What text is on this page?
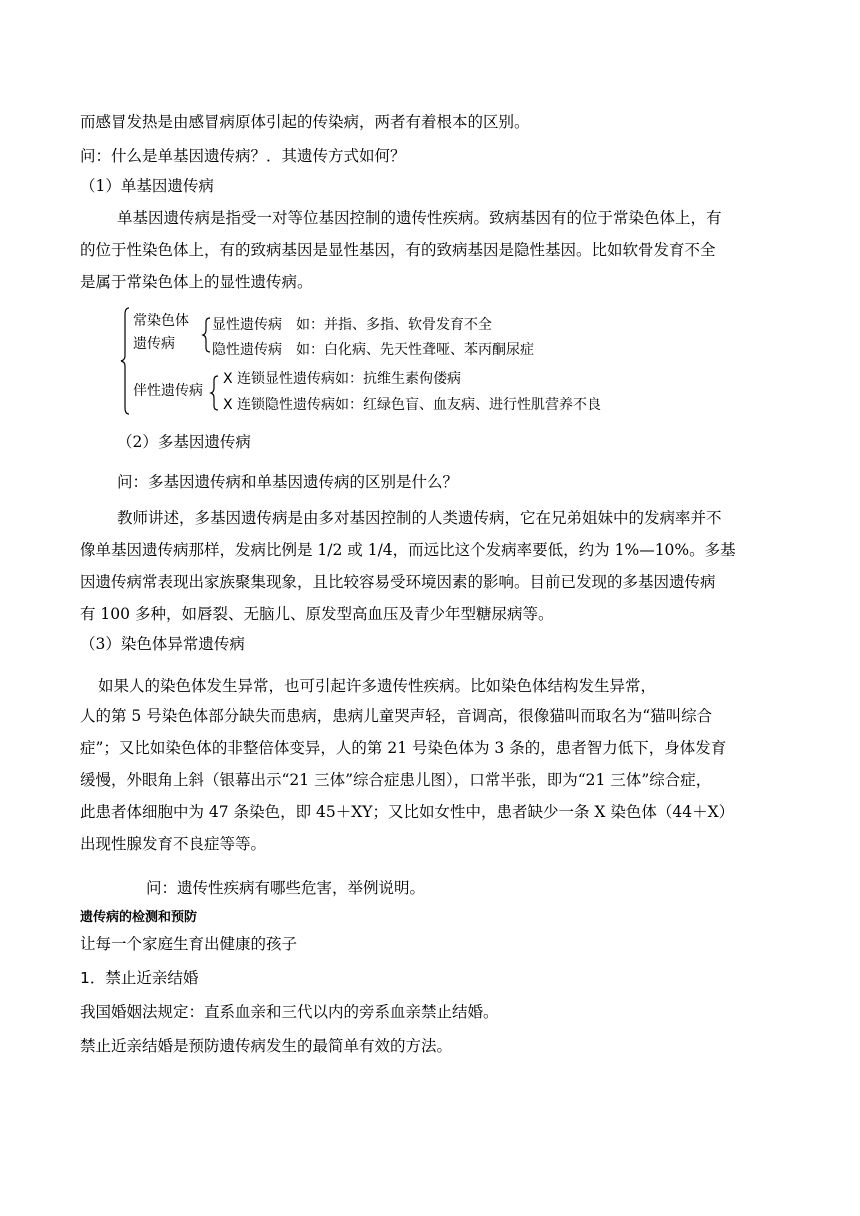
而感冒发热是由感冒病原体引起的传染病，两者有着根本的区别。
问：什么是单基因遗传病？．其遗传方式如何？
（1）单基因遗传病
单基因遗传病是指受一对等位基因控制的遗传性疾病。致病基因有的位于常染色体上，有
的位于性染色体上，有的致病基因是显性基因，有的致病基因是隐性基因。比如软骨发育不全
是属于常染色体上的显性遗传病。
常染色体
遗传病
显性遗传病　如：并指、多指、软骨发育不全
隐性遗传病　如：白化病、先天性聋哑、苯丙酮尿症
伴性遗传病
X 连锁显性遗传病如：抗维生素佝偻病
X 连锁隐性遗传病如：红绿色盲、血友病、进行性肌营养不良
（2）多基因遗传病
问：多基因遗传病和单基因遗传病的区别是什么？
教师讲述，多基因遗传病是由多对基因控制的人类遗传病，它在兄弟姐妹中的发病率并不
像单基因遗传病那样，发病比例是 1/2 或 1/4，而远比这个发病率要低，约为 1%—10%。多基
因遗传病常表现出家族聚集现象，且比较容易受环境因素的影响。目前已发现的多基因遗传病
有 100 多种，如唇裂、无脑儿、原发型高血压及青少年型糖尿病等。
（3）染色体异常遗传病
如果人的染色体发生异常，也可引起许多遗传性疾病。比如染色体结构发生异常，
人的第 5 号染色体部分缺失而患病，患病儿童哭声轻，音调高，很像猫叫而取名为“猫叫综合
症”；又比如染色体的非整倍体变异，人的第 21 号染色体为 3 条的，患者智力低下，身体发育
缓慢，外眼角上斜（银幕出示“21 三体”综合症患儿图），口常半张，即为“21 三体”综合症，
此患者体细胞中为 47 条染色，即 45＋XY；又比如女性中，患者缺少一条 X 染色体（44＋X）
出现性腺发育不良症等等。
问：遗传性疾病有哪些危害，举例说明。
遗传病的检测和预防
让每一个家庭生育出健康的孩子
1．禁止近亲结婚
我国婚姻法规定：直系血亲和三代以内的旁系血亲禁止结婚。
禁止近亲结婚是预防遗传病发生的最简单有效的方法。
